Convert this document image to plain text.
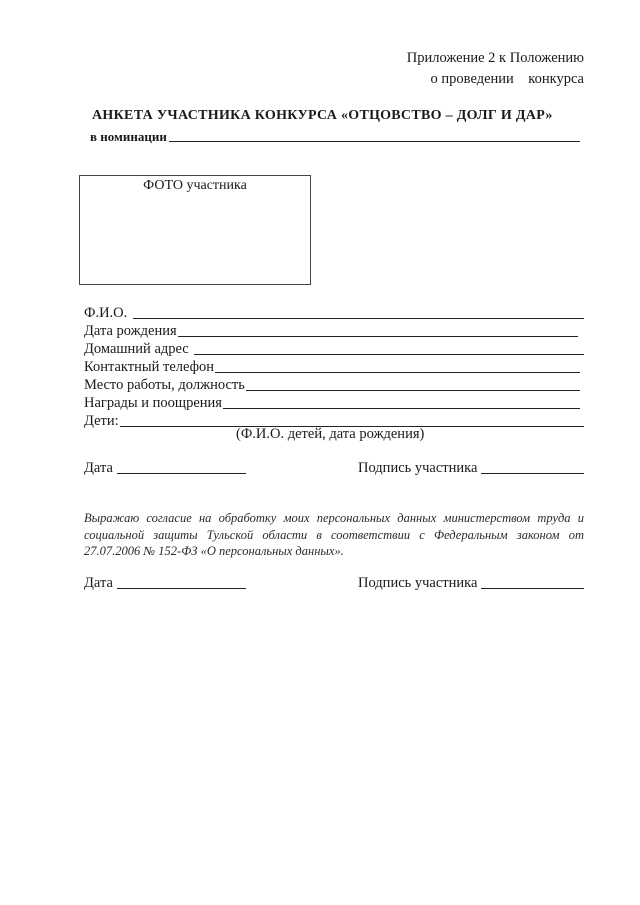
Приложение 2 к Положению
о проведении    конкурса
АНКЕТА УЧАСТНИКА КОНКУРСА «ОТЦОВСТВО – ДОЛГ И ДАР»
в номинации
ФОТО участника
Ф.И.О.
Дата рождения
Домашний адрес
Контактный телефон
Место работы, должность
Награды и поощрения
Дети:
(Ф.И.О. детей, дата рождения)
Дата	Подпись участника
Выражаю согласие на обработку моих персональных данных министерством труда и социальной защиты Тульской области в соответствии с Федеральным законом от 27.07.2006 № 152-ФЗ «О персональных данных».
Дата	Подпись участника
